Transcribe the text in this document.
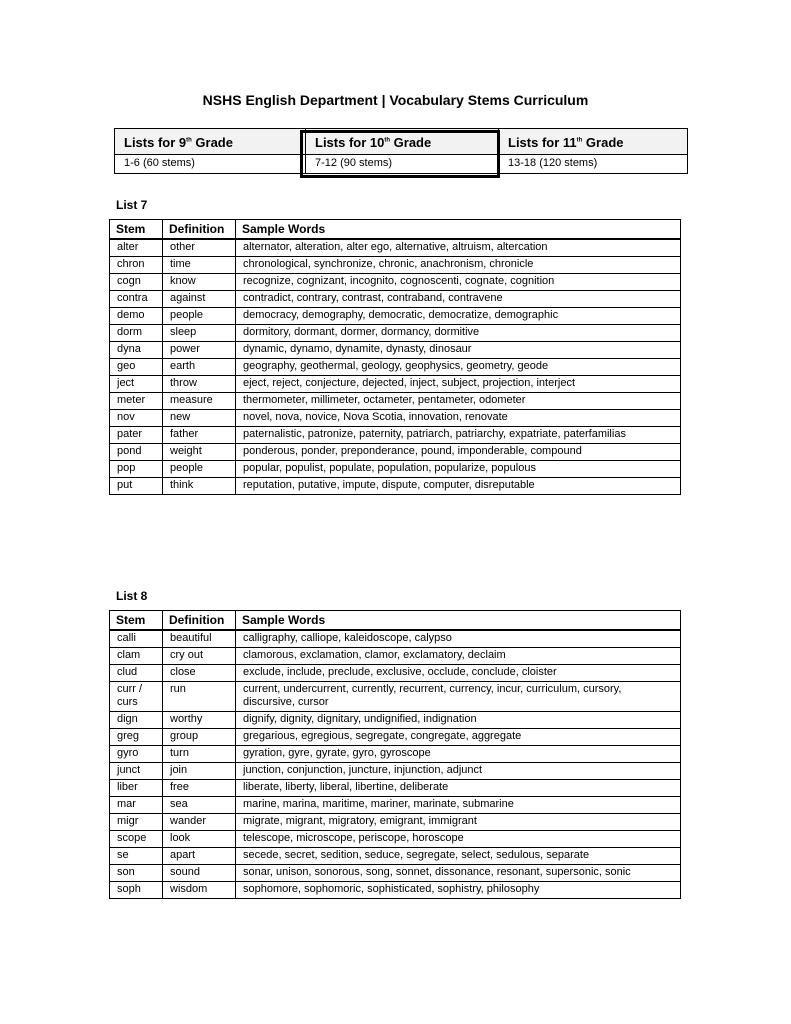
NSHS English Department | Vocabulary Stems Curriculum
Lists for 9th Grade	Lists for 10th Grade	Lists for 11th Grade
1-6 (60 stems)	7-12 (90 stems)	13-18 (120 stems)
List 7
Stem	Definition	Sample Words
alter	other	alternator, alteration, alter ego, alternative, altruism, altercation
chron	time	chronological, synchronize, chronic, anachronism, chronicle
cogn	know	recognize, cognizant, incognito, cognoscenti, cognate, cognition
contra	against	contradict, contrary, contrast, contraband, contravene
demo	people	democracy, demography, democratic, democratize, demographic
dorm	sleep	dormitory, dormant, dormer, dormancy, dormitive
dyna	power	dynamic, dynamo, dynamite, dynasty, dinosaur
geo	earth	geography, geothermal, geology, geophysics, geometry, geode
ject	throw	eject, reject, conjecture, dejected, inject, subject, projection, interject
meter	measure	thermometer, millimeter, octameter, pentameter, odometer
nov	new	novel, nova, novice, Nova Scotia, innovation, renovate
pater	father	paternalistic, patronize, paternity, patriarch, patriarchy, expatriate, paterfamilias
pond	weight	ponderous, ponder, preponderance, pound, imponderable, compound
pop	people	popular, populist, populate, population, popularize, populous
put	think	reputation, putative, impute, dispute, computer, disreputable
List 8
Stem	Definition	Sample Words
calli	beautiful	calligraphy, calliope, kaleidoscope, calypso
clam	cry out	clamorous, exclamation, clamor, exclamatory, declaim
clud	close	exclude, include, preclude, exclusive, occlude, conclude, cloister
curr / curs	run	current, undercurrent, currently, recurrent, currency, incur, curriculum, cursory, discursive, cursor
dign	worthy	dignify, dignity, dignitary, undignified, indignation
greg	group	gregarious, egregious, segregate, congregate, aggregate
gyro	turn	gyration, gyre, gyrate, gyro, gyroscope
junct	join	junction, conjunction, juncture, injunction, adjunct
liber	free	liberate, liberty, liberal, libertine, deliberate
mar	sea	marine, marina, maritime, mariner, marinate, submarine
migr	wander	migrate, migrant, migratory, emigrant, immigrant
scope	look	telescope, microscope, periscope, horoscope
se	apart	secede, secret, sedition, seduce, segregate, select, sedulous, separate
son	sound	sonar, unison, sonorous, song, sonnet, dissonance, resonant, supersonic, sonic
soph	wisdom	sophomore, sophomoric, sophisticated, sophistry, philosophy
